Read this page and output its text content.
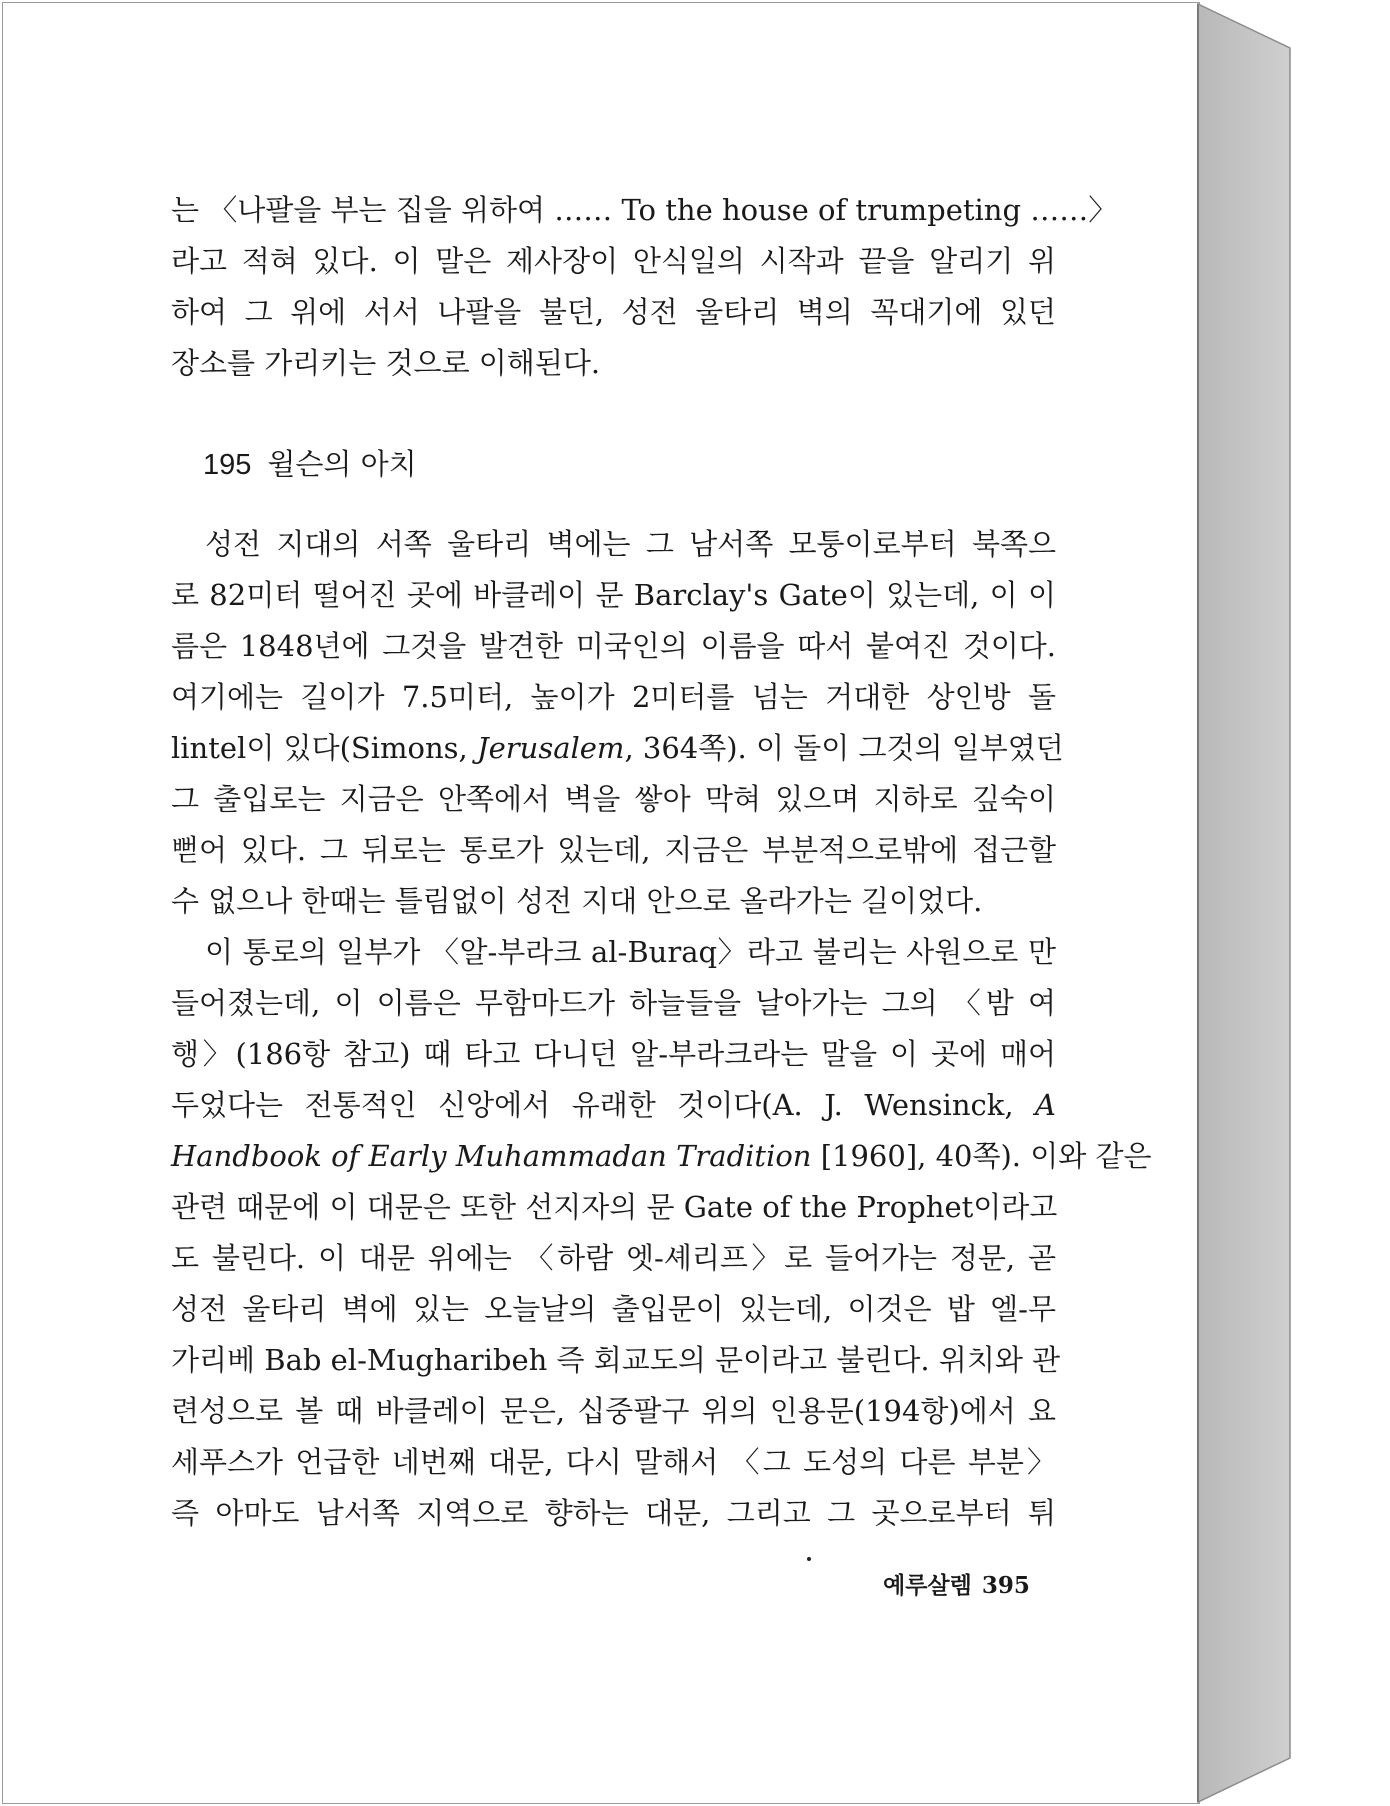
는 〈나팔을 부는 집을 위하여 …… To the house of trumpeting ……〉
라고 적혀 있다. 이 말은 제사장이 안식일의 시작과 끝을 알리기 위
하여 그 위에 서서 나팔을 불던, 성전 울타리 벽의 꼭대기에 있던
장소를 가리키는 것으로 이해된다.
195 윌슨의 아치
성전 지대의 서쪽 울타리 벽에는 그 남서쪽 모퉁이로부터 북쪽으
로 82미터 떨어진 곳에 바클레이 문 Barclay's Gate이 있는데, 이 이
름은 1848년에 그것을 발견한 미국인의 이름을 따서 붙여진 것이다.
여기에는 길이가 7.5미터, 높이가 2미터를 넘는 거대한 상인방 돌
lintel이 있다(Simons, Jerusalem, 364쪽). 이 돌이 그것의 일부였던
그 출입로는 지금은 안쪽에서 벽을 쌓아 막혀 있으며 지하로 깊숙이
뻗어 있다. 그 뒤로는 통로가 있는데, 지금은 부분적으로밖에 접근할
수 없으나 한때는 틀림없이 성전 지대 안으로 올라가는 길이었다.
이 통로의 일부가 〈알-부라크 al-Buraq〉라고 불리는 사원으로 만
들어졌는데, 이 이름은 무함마드가 하늘들을 날아가는 그의 〈밤 여
행〉(186항 참고) 때 타고 다니던 알-부라크라는 말을 이 곳에 매어
두었다는 전통적인 신앙에서 유래한 것이다(A. J. Wensinck, A
Handbook of Early Muhammadan Tradition [1960], 40쪽). 이와 같은
관련 때문에 이 대문은 또한 선지자의 문 Gate of the Prophet이라고
도 불린다. 이 대문 위에는 〈하람 엣-셰리프〉로 들어가는 정문, 곧
성전 울타리 벽에 있는 오늘날의 출입문이 있는데, 이것은 밥 엘-무
가리베 Bab el-Mugharibeh 즉 회교도의 문이라고 불린다. 위치와 관
련성으로 볼 때 바클레이 문은, 십중팔구 위의 인용문(194항)에서 요
세푸스가 언급한 네번째 대문, 다시 말해서 〈그 도성의 다른 부분〉
즉 아마도 남서쪽 지역으로 향하는 대문, 그리고 그 곳으로부터 튀
예루살렘 395
